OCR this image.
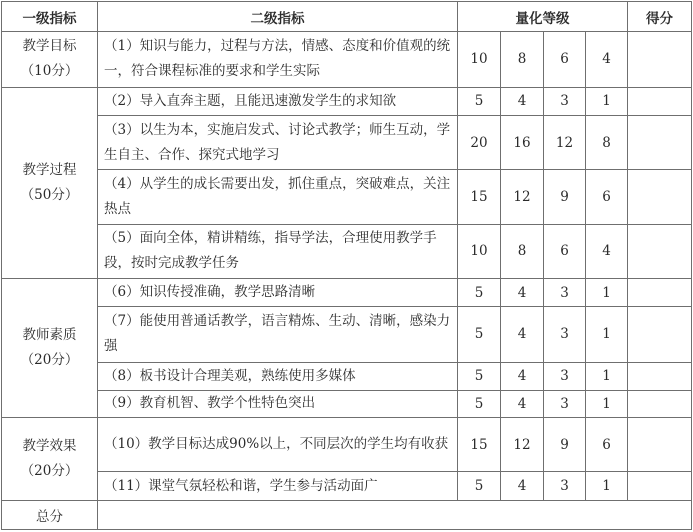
一级指标	二级指标	量化等级				得分

教学目标
（10分）	（1）知识与能力，过程与方法，情感、态度和价值观的统一，符合课程标准的要求和学生实际	10	8	6	4	

教学过程
（50分）	（2）导入直奔主题，且能迅速激发学生的求知欲	5	4	3	1	
	（3）以生为本，实施启发式、讨论式教学；师生互动，学生自主、合作、探究式地学习	20	16	12	8	
	（4）从学生的成长需要出发，抓住重点，突破难点，关注热点	15	12	9	6	
	（5）面向全体，精讲精练，指导学法，合理使用教学手段，按时完成教学任务	10	8	6	4	

教师素质
（20分）	（6）知识传授准确，教学思路清晰	5	4	3	1	
	（7）能使用普通话教学，语言精炼、生动、清晰，感染力强	5	4	3	1	
	（8）板书设计合理美观，熟练使用多媒体	5	4	3	1	
	（9）教育机智、教学个性特色突出	5	4	3	1	

教学效果
（20分）	（10）教学目标达成90%以上，不同层次的学生均有收获	15	12	9	6	
	（11）课堂气氛轻松和谐，学生参与活动面广	5	4	3	1	
总分						
